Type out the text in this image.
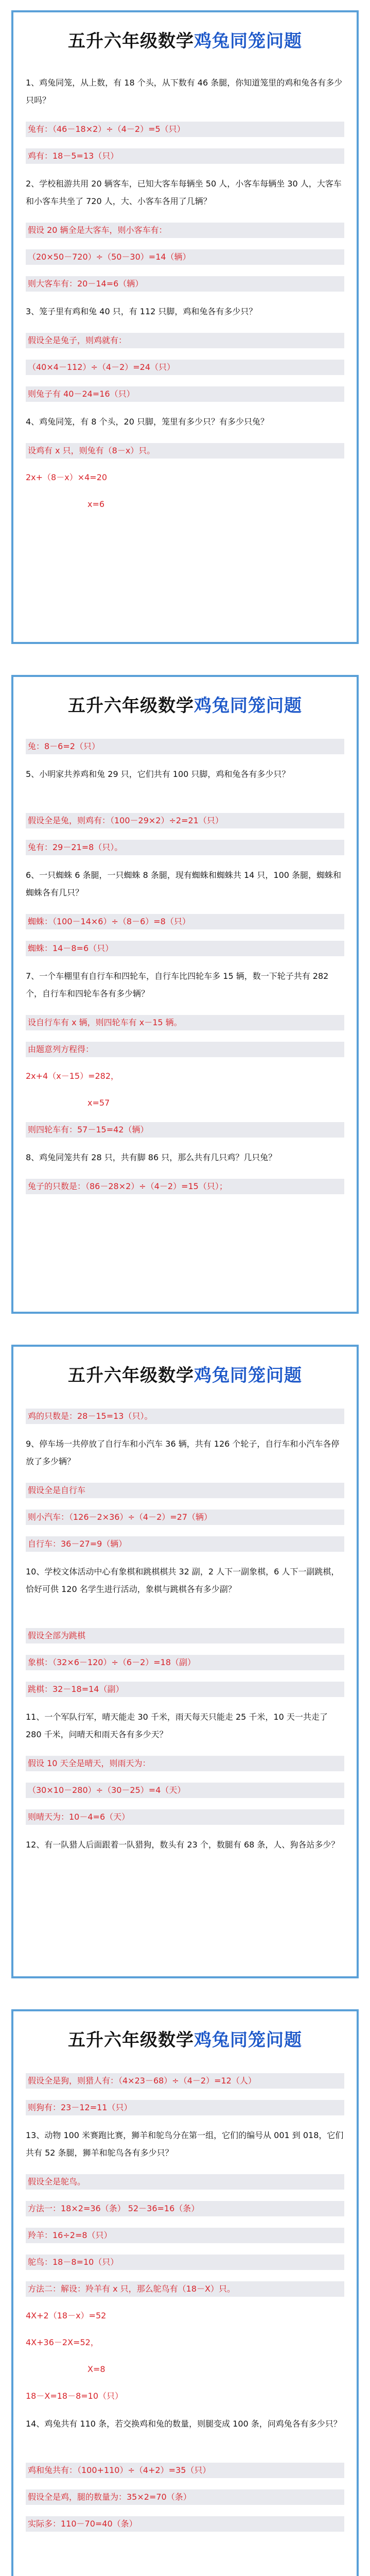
五升六年级数学鸡兔同笼问题
1、鸡兔同笼，从上数，有 18 个头，从下数有 46 条腿，你知道笼里的鸡和兔各有多少只吗？
兔有：（46－18×2）÷（4－2）=5（只）
鸡有：18－5=13（只）
2、学校租游共用 20 辆客车，已知大客车每辆坐 50 人，小客车每辆坐 30 人，大客车和小客车共坐了 720 人，大、小客车各用了几辆？
假设 20 辆全是大客车，则小客车有：
（20×50－720）÷（50－30）=14（辆）
则大客车有：20－14=6（辆）
3、笼子里有鸡和兔 40 只，有 112 只脚，鸡和兔各有多少只？
假设全是兔子，则鸡就有：
（40×4－112）÷（4－2）=24（只）
则兔子有 40－24=16（只）
4、鸡兔同笼，有 8 个头，20 只脚，笼里有多少只？有多少只兔？
设鸡有 x 只，则兔有（8－x）只。
2x+（8－x）×4=20
x=6
五升六年级数学鸡兔同笼问题
兔：8－6=2（只）
5、小明家共养鸡和兔 29 只，它们共有 100 只脚，鸡和兔各有多少只？
假设全是兔，则鸡有：（100－29×2）÷2=21（只）
兔有：29－21=8（只）。
6、一只蜘蛛 6 条腿，一只蜘蛛 8 条腿，现有蜘蛛和蜘蛛共 14 只，100 条腿，蜘蛛和蜘蛛各有几只？
蜘蛛：（100－14×6）÷（8－6）=8（只）
蜘蛛：14－8=6（只）
7、一个车棚里有自行车和四轮车，自行车比四轮车多 15 辆，数一下轮子共有 282 个，自行车和四轮车各有多少辆？
设自行车有 x 辆，则四轮车有 x－15 辆。
由题意列方程得：
2x+4（x－15）=282，
x=57
则四轮车有：57－15=42（辆）
8、鸡兔同笼共有 28 只，共有脚 86 只，那么共有几只鸡？几只兔？
兔子的只数是：（86－28×2）÷（4－2）=15（只）；
五升六年级数学鸡兔同笼问题
鸡的只数是：28－15=13（只）。
9、停车场一共停放了自行车和小汽车 36 辆，共有 126 个轮子，自行车和小汽车各停放了多少辆？
假设全是自行车
则小汽车：（126－2×36）÷（4－2）=27（辆）
自行车：36－27=9（辆）
10、学校文体活动中心有象棋和跳棋棋共 32 副，2 人下一副象棋，6 人下一副跳棋，恰好可供 120 名学生进行活动，象棋与跳棋各有多少副？
假设全部为跳棋
象棋：（32×6－120）÷（6－2）=18（副）
跳棋：32－18=14（副）
11、一个军队行军，晴天能走 30 千米，雨天每天只能走 25 千米，10 天一共走了 280 千米，问晴天和雨天各有多少天？
假设 10 天全是晴天，则雨天为：
（30×10－280）÷（30－25）=4（天）
则晴天为：10－4=6（天）
12、有一队猎人后面跟着一队猎狗，数头有 23 个，数腿有 68 条，人、狗各站多少？
五升六年级数学鸡兔同笼问题
假设全是狗，则猎人有：（4×23－68）÷（4－2）=12（人）
则狗有：23－12=11（只）
13、动物 100 米赛跑比赛，狮羊和鸵鸟分在第一组，它们的编号从 001 到 018，它们共有 52 条腿，狮羊和鸵鸟各有多少只？
假设全是鸵鸟。
方法一：18×2=36（条） 52－36=16（条）
羚羊：16÷2=8（只）
鸵鸟：18－8=10（只）
方法二：解设：羚羊有 x 只，那么鸵鸟有（18－X）只。
4X+2（18－x）=52
4X+36－2X=52，
X=8
18－X=18－8=10（只）
14、鸡兔共有 110 条，若交换鸡和兔的数量，则腿变成 100 条，问鸡兔各有多少只？
鸡和兔共有：（100+110）÷（4+2）=35（只）
假设全是鸡，腿的数量为：35×2=70（条）
实际多：110－70=40（条）
